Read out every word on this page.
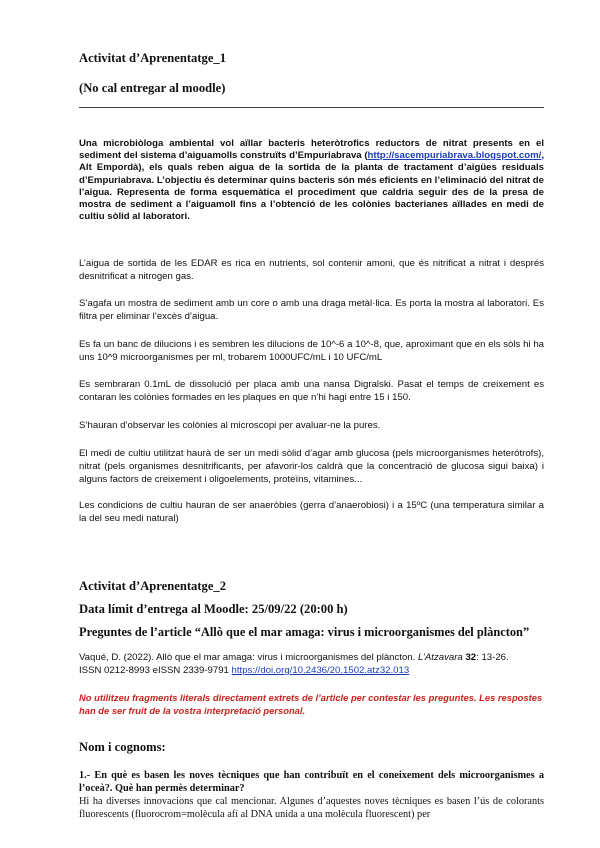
Activitat d’Aprenentatge_1
(No cal entregar al moodle)
Una microbiòloga ambiental vol aïllar bacteris heteròtrofics reductors de nitrat presents en el sediment del sistema d’aiguamolls construïts d’Empuriabrava (http://sacempuriabrava.blogspot.com/, Alt Empordà), els quals reben aigua de la sortida de la planta de tractament d’aigües residuals d’Empuriabrava. L’objectiu és determinar quins bacteris són més eficients en l’eliminació del nitrat de l’aigua. Representa de forma esquemàtica el procediment que caldria seguir des de la presa de mostra de sediment a l’aiguamoll fins a l’obtenció de les colònies bacterianes aïllades en medi de cultiu sòlid al laboratori.
L’aigua de sortida de les EDAR es rica en nutrients, sol contenir amoni, que és nitrificat a nitrat i després desnitrificat a nitrogen gas.
S’agafa un mostra de sediment amb un core o amb una draga metàl·lica. Es porta la mostra al laboratori. Es filtra per eliminar l’excès d’aigua.
Es fa un banc de dilucions i es sembren les dilucions de 10^-6 a 10^-8, que, aproximant que en els sòls hi ha uns 10^9 microorganismes per ml, trobarem 1000UFC/mL i 10 UFC/mL
Es sembraran 0.1mL de dissolució per placa amb una nansa Digralski. Pasat el temps de creixement es contaran les colònies formades en les plaques en que n’hi hagi entre 15 i 150.
S’hauran d’observar les colònies al microscopi per avaluar-ne la pures.
El medi de cultiu utilitzat haurà de ser un medi sòlid d’agar amb glucosa (pels microorganismes heterótrofs), nitrat (pels organismes desnitrificants, per afavorir-los caldrà que la concentració de glucosa sigui baixa) i alguns factors de creixement i oligoelements, proteïns, vitamines...
Les condicions de cultiu hauran de ser anaeròbies (gerra d’anaerobiosi) i a 15ºC (una temperatura similar a la del seu medi natural)
Activitat d’Aprenentatge_2
Data límit d’entrega al Moodle: 25/09/22 (20:00 h)
Preguntes de l’article “Allò que el mar amaga: virus i microorganismes del plàncton”
Vaqué, D. (2022). Allò que el mar amaga: virus i microorganismes del plàncton. L’Atzavara 32: 13-26.
ISSN 0212-8993 eISSN 2339-9791 https://doi.org/10.2436/20.1502.atz32.013
No utilitzeu fragments literals directament extrets de l’article per contestar les preguntes. Les respostes han de ser fruit de la vostra interpretació personal.
Nom i cognoms:
1.- En què es basen les noves tècniques que han contribuït en el coneixement dels microorganismes a l’oceà?. Què han permès determinar?
Hi ha diverses innovacions que cal mencionar. Algunes d’aquestes noves tècniques es basen l’ús de colorants fluorescents (fluorocrom=molècula afí al DNA unida a una molècula fluorescent) per
